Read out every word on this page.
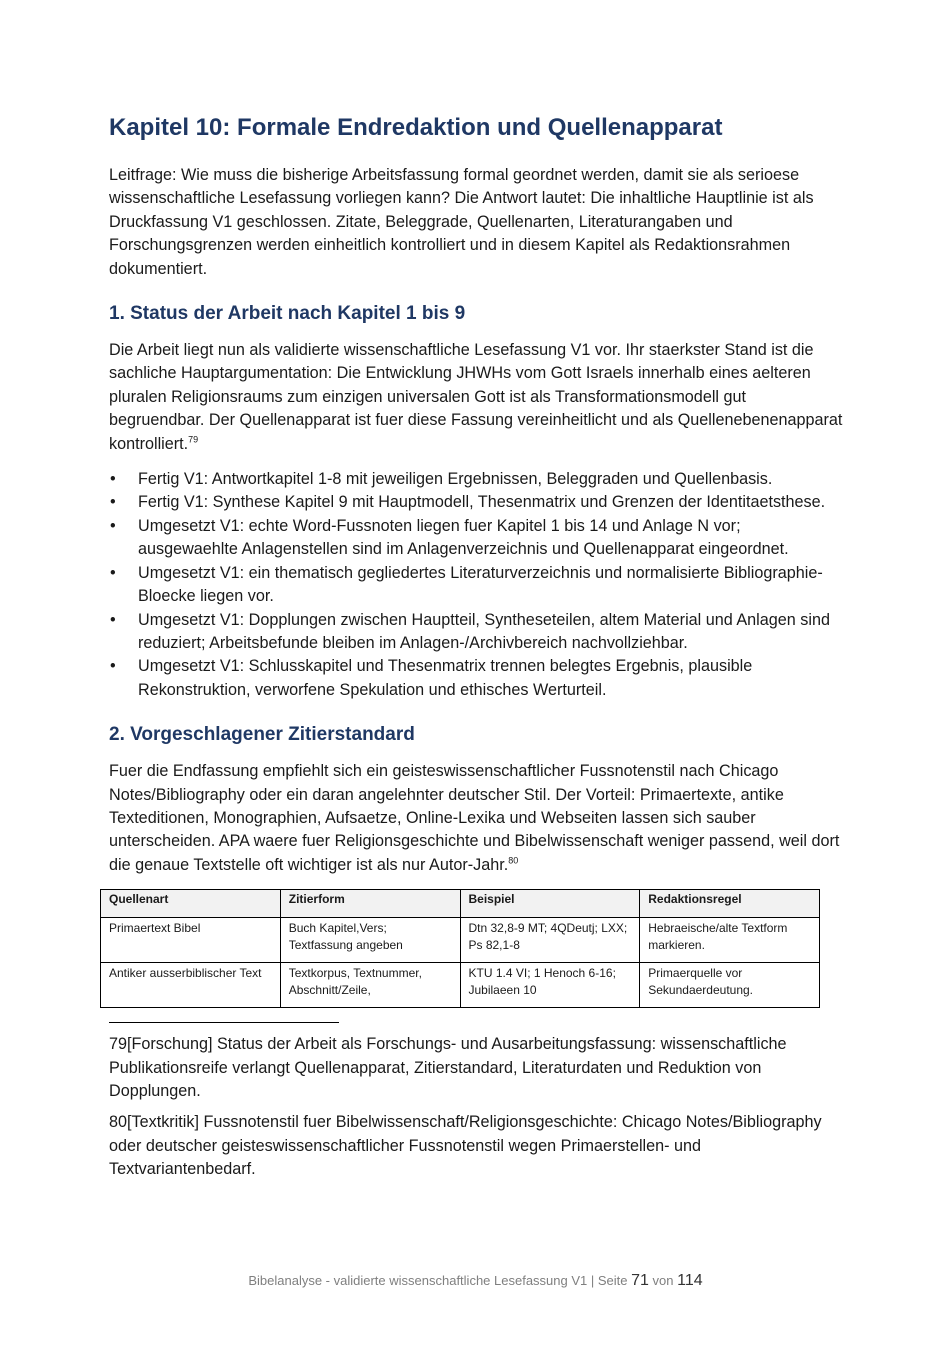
Kapitel 10: Formale Endredaktion und Quellenapparat

Leitfrage: Wie muss die bisherige Arbeitsfassung formal geordnet werden, damit sie als serioese wissenschaftliche Lesefassung vorliegen kann? Die Antwort lautet: Die inhaltliche Hauptlinie ist als Druckfassung V1 geschlossen. Zitate, Beleggrade, Quellenarten, Literaturangaben und Forschungsgrenzen werden einheitlich kontrolliert und in diesem Kapitel als Redaktionsrahmen dokumentiert.

1. Status der Arbeit nach Kapitel 1 bis 9

Die Arbeit liegt nun als validierte wissenschaftliche Lesefassung V1 vor. Ihr staerkster Stand ist die sachliche Hauptargumentation: Die Entwicklung JHWHs vom Gott Israels innerhalb eines aelteren pluralen Religionsraums zum einzigen universalen Gott ist als Transformationsmodell gut begruendbar. Der Quellenapparat ist fuer diese Fassung vereinheitlicht und als Quellenebenenapparat kontrolliert.$^{79}$

• Fertig V1: Antwortkapitel 1-8 mit jeweiligen Ergebnissen, Beleggraden und Quellenbasis.
• Fertig V1: Synthese Kapitel 9 mit Hauptmodell, Thesenmatrix und Grenzen der Identitaetsthese.
• Umgesetzt V1: echte Word-Fussnoten liegen fuer Kapitel 1 bis 14 und Anlage N vor; ausgewaehlte Anlagenstellen sind im Anlagenverzeichnis und Quellenapparat eingeordnet.
• Umgesetzt V1: ein thematisch gegliedertes Literaturverzeichnis und normalisierte Bibliographie-Bloecke liegen vor.
• Umgesetzt V1: Dopplungen zwischen Hauptteil, Syntheseteilen, altem Material und Anlagen sind reduziert; Arbeitsbefunde bleiben im Anlagen-/Archivbereich nachvollziehbar.
• Umgesetzt V1: Schlusskapitel und Thesenmatrix trennen belegtes Ergebnis, plausible Rekonstruktion, verworfene Spekulation und ethisches Werturteil.
2. Vorgeschlagener Zitierstandard

Fuer die Endfassung empfiehlt sich ein geisteswissenschaftlicher Fussnotenstil nach Chicago Notes/Bibliography oder ein daran angelehnter deutscher Stil. Der Vorteil: Primaertexte, antike Texteditionen, Monographien, Aufsaetze, Online-Lexika und Webseiten lassen sich sauber unterscheiden. APA waere fuer Religionsgeschichte und Bibelwissenschaft weniger passend, weil dort die genaue Textstelle oft wichtiger ist als nur Autor-Jahr.$^{80}$

Quellenart	Zitierform	Beispiel	Redaktionsregel
Primaertext Bibel	Buch Kapitel,Vers; Textfassung angeben	Dtn 32,8-9 MT; 4QDeutj; LXX; Ps 82,1-8	Hebraeische/alte Textform markieren.
Antiker ausserbiblischer Text	Textkorpus, Textnummer, Abschnitt/Zeile,	KTU 1.4 VI; 1 Henoch 6-16; Jubilaeen 10	Primaerquelle vor Sekundaerdeutung.

79[Forschung] Status der Arbeit als Forschungs- und Ausarbeitungsfassung: wissenschaftliche Publikationsreife verlangt Quellenapparat, Zitierstandard, Literaturdaten und Reduktion von Dopplungen.

80[Textkritik] Fussnotenstil fuer Bibelwissenschaft/Religionsgeschichte: Chicago Notes/Bibliography oder deutscher geisteswissenschaftlicher Fussnotenstil wegen Primaerstellen- und Textvariantenbedarf.

Bibelanalyse - validierte wissenschaftliche Lesefassung V1 | Seite 71 von 114
